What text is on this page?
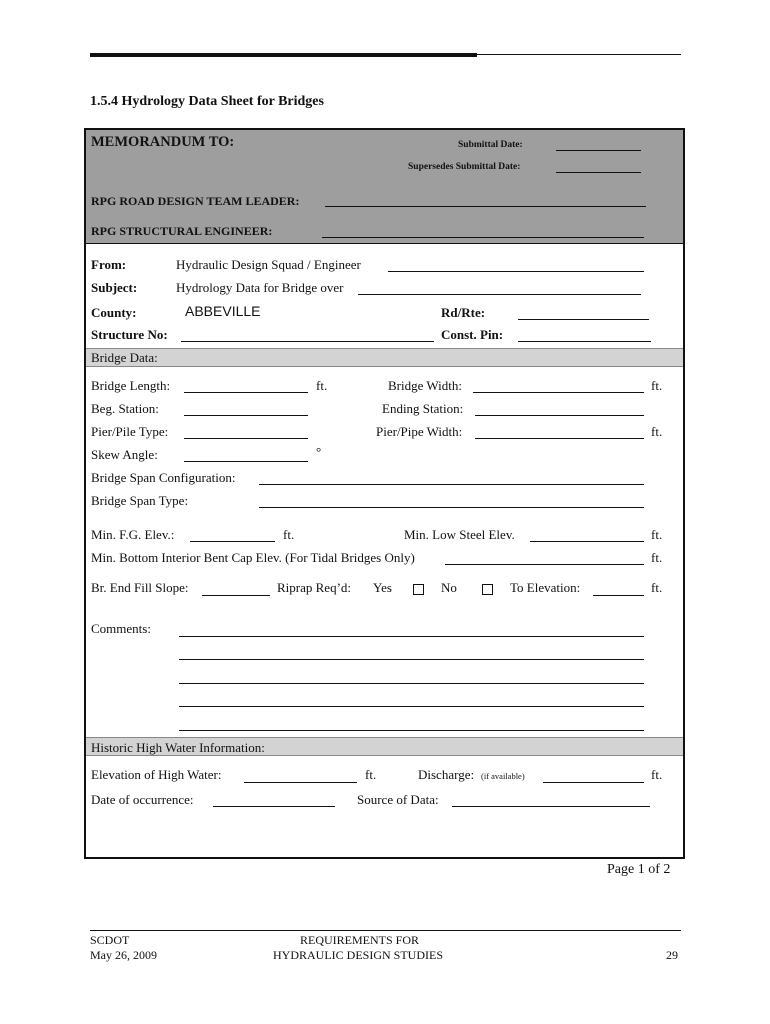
1.5.4 Hydrology Data Sheet for Bridges
MEMORANDUM TO:	Submittal Date:
Supersedes Submittal Date:
RPG ROAD DESIGN TEAM LEADER:
RPG STRUCTURAL ENGINEER:
From:	Hydraulic Design Squad / Engineer
Subject:	Hydrology Data for Bridge over
County:	ABBEVILLE	Rd/Rte:
Structure No:	Const. Pin:
Bridge Data:
Bridge Length:	ft.	Bridge Width:	ft.
Beg. Station:	Ending Station:
Pier/Pile Type:	Pier/Pipe Width:	ft.
Skew Angle:	°
Bridge Span Configuration:
Bridge Span Type:
Min. F.G. Elev.:	ft.	Min. Low Steel Elev.	ft.
Min. Bottom Interior Bent Cap Elev. (For Tidal Bridges Only)	ft.
Br. End Fill Slope:	Riprap Req’d: Yes	No	To Elevation:	ft.
Comments:
Historic High Water Information:
Elevation of High Water:	ft.	Discharge: (if available)	ft.
Date of occurrence:	Source of Data:
Page 1 of 2
SCDOT
May 26, 2009
REQUIREMENTS FOR
HYDRAULIC DESIGN STUDIES	29
